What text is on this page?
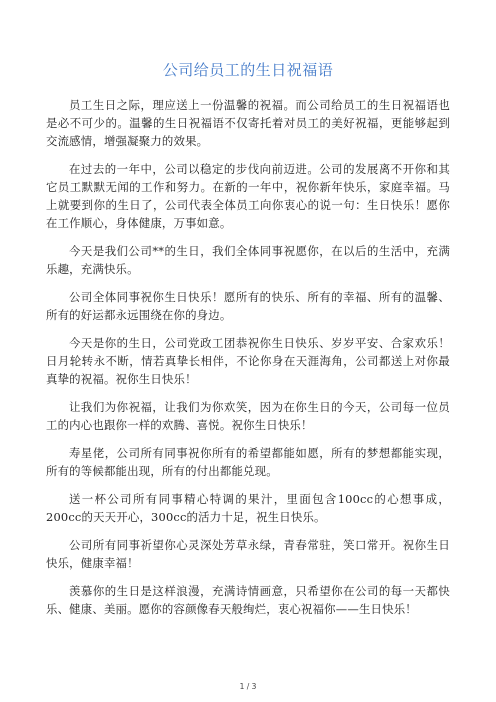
公司给员工的生日祝福语

员工生日之际，理应送上一份温馨的祝福。而公司给员工的生日祝福语也是必不可少的。温馨的生日祝福语不仅寄托着对员工的美好祝福，更能够起到交流感情，增强凝聚力的效果。

在过去的一年中，公司以稳定的步伐向前迈进。公司的发展离不开你和其它员工默默无闻的工作和努力。在新的一年中，祝你新年快乐，家庭幸福。马上就要到你的生日了，公司代表全体员工向你衷心的说一句：生日快乐！愿你在工作顺心，身体健康，万事如意。

今天是我们公司**的生日，我们全体同事祝愿你，在以后的生活中，充满乐趣，充满快乐。

公司全体同事祝你生日快乐！愿所有的快乐、所有的幸福、所有的温馨、所有的好运都永远围绕在你的身边。

今天是你的生日，公司党政工团恭祝你生日快乐、岁岁平安、合家欢乐！日月轮转永不断，情若真挚长相伴，不论你身在天涯海角，公司都送上对你最真挚的祝福。祝你生日快乐！

让我们为你祝福，让我们为你欢笑，因为在你生日的今天，公司每一位员工的内心也跟你一样的欢腾、喜悦。祝你生日快乐！

寿星佬，公司所有同事祝你所有的希望都能如愿，所有的梦想都能实现，所有的等候都能出现，所有的付出都能兑现。

送一杯公司所有同事精心特调的果汁，里面包含100cc的心想事成，200cc的天天开心，300cc的活力十足，祝生日快乐。

公司所有同事祈望你心灵深处芳草永绿，青春常驻，笑口常开。祝你生日快乐，健康幸福！

羡慕你的生日是这样浪漫，充满诗情画意，只希望你在公司的每一天都快乐、健康、美丽。愿你的容颜像春天般绚烂，衷心祝福你——生日快乐！

1 / 3
